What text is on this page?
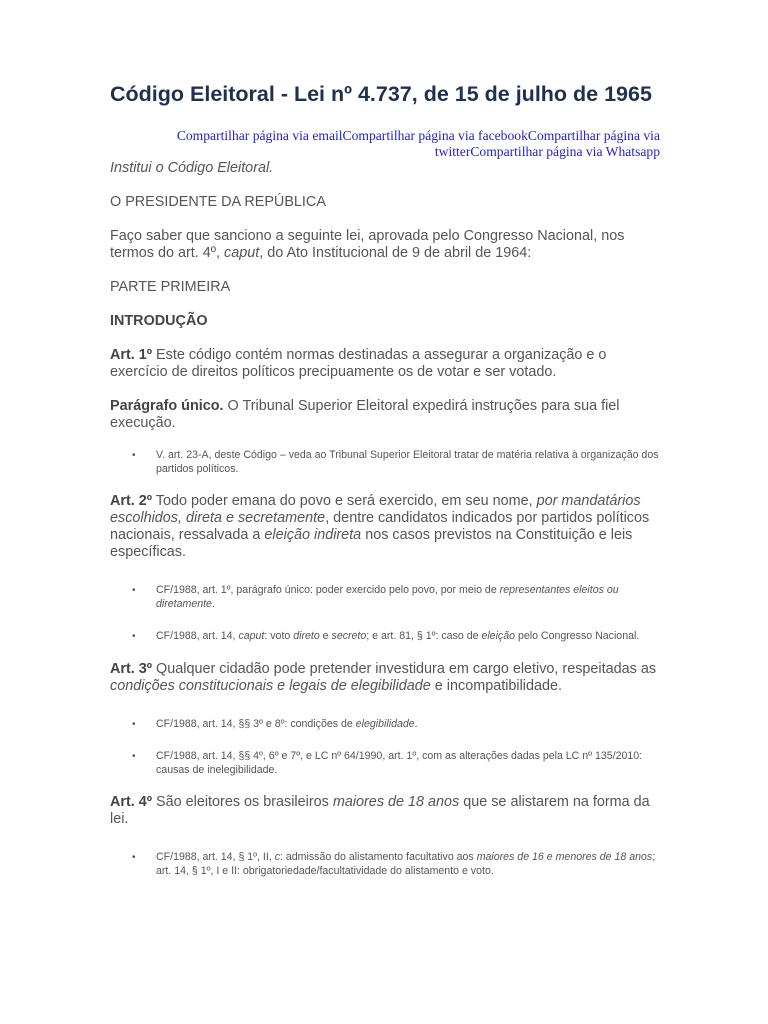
Código Eleitoral - Lei nº 4.737, de 15 de julho de 1965
Compartilhar página via emailCompartilhar página via facebookCompartilhar página via twitterCompartilhar página via Whatsapp

Institui o Código Eleitoral.

O PRESIDENTE DA REPÚBLICA

Faço saber que sanciono a seguinte lei, aprovada pelo Congresso Nacional, nos termos do art. 4º, caput, do Ato Institucional de 9 de abril de 1964:

PARTE PRIMEIRA

INTRODUÇÃO

Art. 1º Este código contém normas destinadas a assegurar a organização e o exercício de direitos políticos precipuamente os de votar e ser votado.

Parágrafo único. O Tribunal Superior Eleitoral expedirá instruções para sua fiel execução.

• V. art. 23-A, deste Código – veda ao Tribunal Superior Eleitoral tratar de matéria relativa à organização dos partidos políticos.

Art. 2º Todo poder emana do povo e será exercido, em seu nome, por mandatários escolhidos, direta e secretamente, dentre candidatos indicados por partidos políticos nacionais, ressalvada a eleição indireta nos casos previstos na Constituição e leis específicas.

• CF/1988, art. 1º, parágrafo único: poder exercido pelo povo, por meio de representantes eleitos ou diretamente.
• CF/1988, art. 14, caput: voto direto e secreto; e art. 81, § 1º: caso de eleição pelo Congresso Nacional.

Art. 3º Qualquer cidadão pode pretender investidura em cargo eletivo, respeitadas as condições constitucionais e legais de elegibilidade e incompatibilidade.

• CF/1988, art. 14, §§ 3º e 8º: condições de elegibilidade.
• CF/1988, art. 14, §§ 4º, 6º e 7º, e LC nº 64/1990, art. 1º, com as alterações dadas pela LC nº 135/2010: causas de inelegibilidade.

Art. 4º São eleitores os brasileiros maiores de 18 anos que se alistarem na forma da lei.

• CF/1988, art. 14, § 1º, II, c: admissão do alistamento facultativo aos maiores de 16 e menores de 18 anos; art. 14, § 1º, I e II: obrigatoriedade/facultatividade do alistamento e voto.
